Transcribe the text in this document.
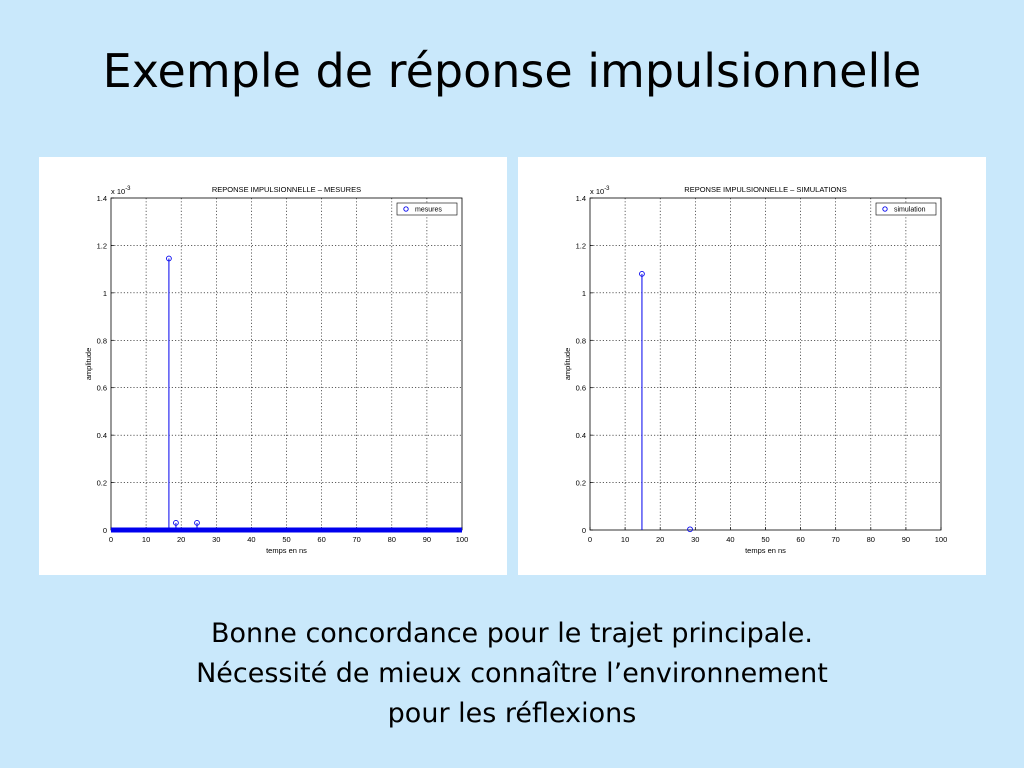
Exemple de réponse impulsionnelle
0	10	20	30	40	50	60	70	80	90	100
0
0.2
0.4
0.6
0.8
1
1.2
1.4
x $10^{-3}$	REPONSE IMPULSIONNELLE – MESURES
temps en ns
amplitude
mesures
0	10	20	30	40	50	60	70	80	90	100
0
0.2
0.4
0.6
0.8
1
1.2
1.4
x $10^{-3}$	REPONSE IMPULSIONNELLE – SIMULATIONS
temps en ns
amplitude
simulation
Bonne concordance pour le trajet principale.
Nécessité de mieux connaître l’environnement
pour les réflexions
